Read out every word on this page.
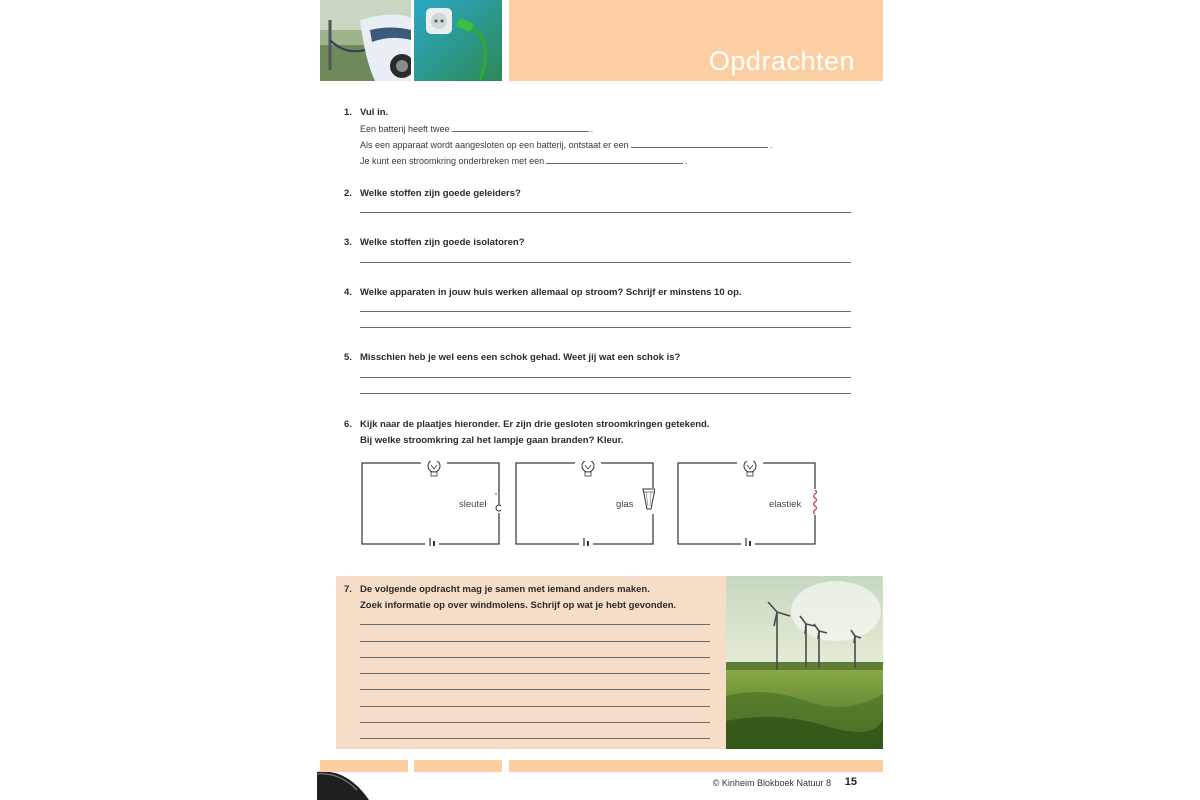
Opdrachten
1. Vul in.
Een batterij heeft twee	.
Als een apparaat wordt aangesloten op een batterij, ontstaat er een	.
Je kunt een stroomkring onderbreken met een	.
2. Welke stoffen zijn goede geleiders?
3. Welke stoffen zijn goede isolatoren?
4. Welke apparaten in jouw huis werken allemaal op stroom? Schrijf er minstens 10 op.
5. Misschien heb je wel eens een schok gehad. Weet jij wat een schok is?
6. Kijk naar de plaatjes hieronder. Er zijn drie gesloten stroomkringen getekend.
Bij welke stroomkring zal het lampje gaan branden? Kleur.
sleutel	glas	elastiek
7. De volgende opdracht mag je samen met iemand anders maken.
Zoek informatie op over windmolens. Schrijf op wat je hebt gevonden.
© Kinheim Blokboek Natuur 8 15
